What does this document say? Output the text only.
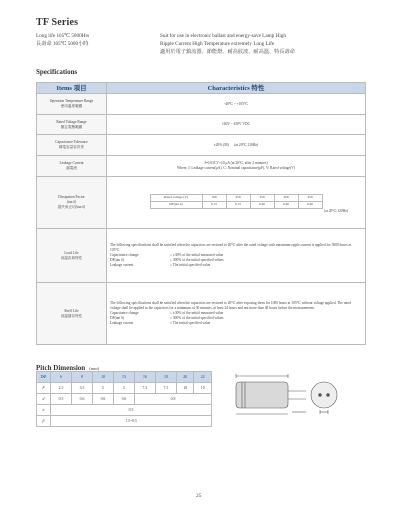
TF Series
Long life 105℃ 5000Hrs
長壽命 105℃ 5000小時
Suit for use in electronic ballast and energy-save Lamp High
Ripple Current High Temperature extremely Long Life
適用於電子鎮流器、節能燈、耐高紋波、耐高溫、特長壽命
Specifications
Items 項目	Characteristics 特性

Operation Temperature Range
使用溫度範圍
	-40℃ ~ +105℃

Rated Voltage Range
額定電壓範圍
	160V ~ 450V VDC

Capacitance Tolerance
靜電容量容許差
	±20% (M) (at 20℃,120Hz)

Leakage Current
漏電流

I=0.03CV+10 μA (at 20℃, after 2 minutes)
Where, I: Leakage current(μA), C: Nominal capacitance(μF), V: Rated voltage(V)

Dissipation Factor
(tan δ)
損失角正切(tan δ)

Rated voltage (V)	160	250	350	400	450
DF(tan δ)	0.15	0.15	0.20	0.20	0.20
(at 20℃,120Hz)

Load Life
高溫負荷特性

The following specifications shall be satisfied when the capacitors are restored to 20℃ after the rated voltage with maximum ripple current is applied for 5000 hours at 105℃.
Capacitance change	≤ ±30% of the initial measured value
DF(tan δ)	≤ 300% of the initial specified values
Leakage current	≤ The initial specified value

Shelf Life
高溫儲存特性

The following specifications shall be satisfied when the capacitors are restored to 20℃ after exposing them for 1000 hours at 105℃ without voltage applied. The rated voltage shall be applied to the capacitors for a minimum of 30 minutes, at least 24 hours and not more than 48 hours before the measurements.
Capacitance change	≤ ±30% of the initial measured value
DF(tan δ)	≤ 300% of the initial specified values
Leakage current	≤ The initial specified value
Pitch Dimension (mm)
DΦ	6	8	10	13	16	18	20	22
F	2.5	3.5	5	5	7.5	7.5	10	10
d	0.5	0.6	0.6	0.6	0.8			
α	0.5							
β	1.5~8.5							
25
